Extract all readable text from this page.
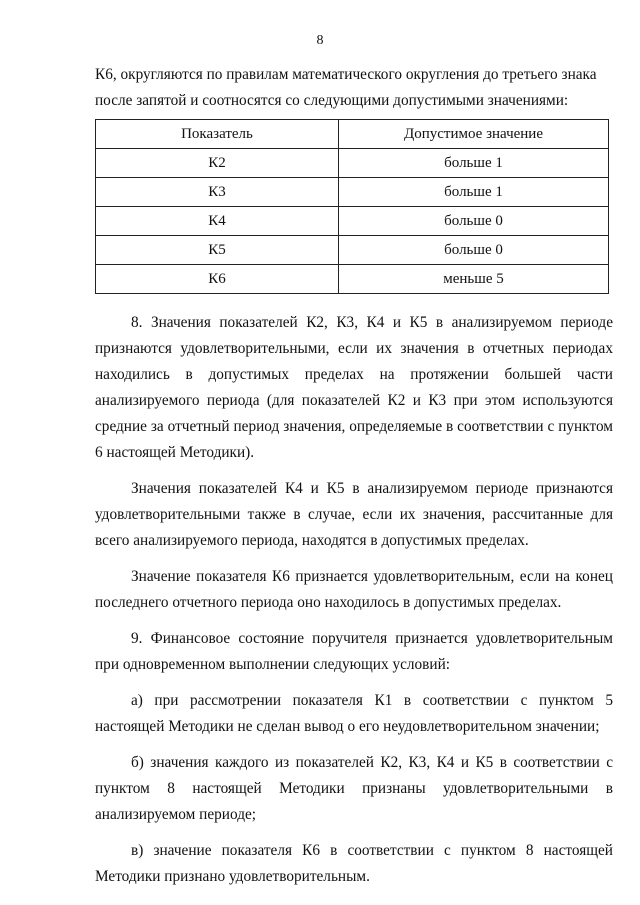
8

К6, округляются по правилам математического округления до третьего знака

после запятой и соотносятся со следующими допустимыми значениями:

Показатель	Допустимое значение
К2	больше 1
К3	больше 1
К4	больше 0
К5	больше 0
К6	меньше 5

8. Значения показателей К2, К3, К4 и К5 в анализируемом периоде признаются удовлетворительными, если их значения в отчетных периодах находились в допустимых пределах на протяжении большей части анализируемого периода (для показателей К2 и К3 при этом используются средние за отчетный период значения, определяемые в соответствии с пунктом 6 настоящей Методики).

Значения показателей К4 и К5 в анализируемом периоде признаются удовлетворительными также в случае, если их значения, рассчитанные для всего анализируемого периода, находятся в допустимых пределах.

Значение показателя К6 признается удовлетворительным, если на конец последнего отчетного периода оно находилось в допустимых пределах.

9. Финансовое состояние поручителя признается удовлетворительным при одновременном выполнении следующих условий:

а) при рассмотрении показателя К1 в соответствии с пунктом 5 настоящей Методики не сделан вывод о его неудовлетворительном значении;

б) значения каждого из показателей К2, К3, К4 и К5 в соответствии с пунктом 8 настоящей Методики признаны удовлетворительными в анализируемом периоде;

в) значение показателя К6 в соответствии с пунктом 8 настоящей Методики признано удовлетворительным.
